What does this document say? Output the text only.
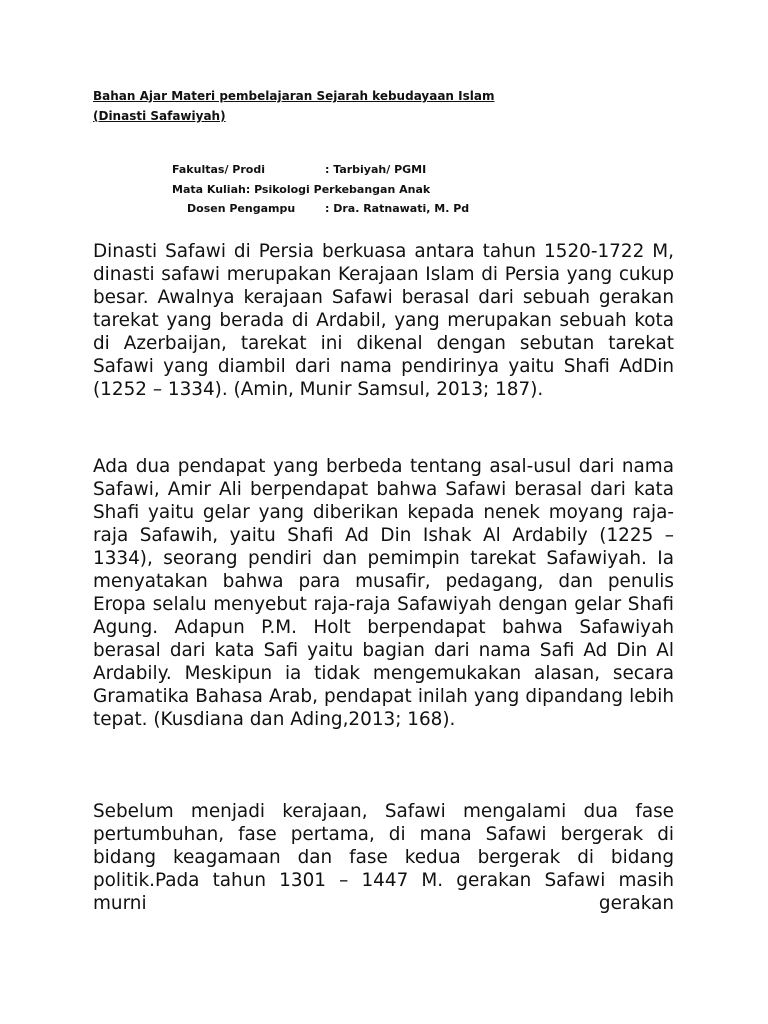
Bahan Ajar Materi pembelajaran Sejarah kebudayaan Islam
(Dinasti Safawiyah)
Fakultas/ Prodi	: Tarbiyah/ PGMI
Mata Kuliah: Psikologi Perkebangan Anak
Dosen Pengampu	: Dra. Ratnawati, M. Pd

Dinasti Safawi di Persia berkuasa antara tahun 1520-1722 M, dinasti safawi merupakan Kerajaan Islam di Persia yang cukup besar. Awalnya kerajaan Safawi berasal dari sebuah gerakan tarekat yang berada di Ardabil, yang merupakan sebuah kota di Azerbaijan, tarekat ini dikenal dengan sebutan tarekat Safawi yang diambil dari nama pendirinya yaitu Shafi AdDin (1252 – 1334). (Amin, Munir Samsul, 2013; 187).

Ada dua pendapat yang berbeda tentang asal-usul dari nama Safawi, Amir Ali berpendapat bahwa Safawi berasal dari kata Shafi yaitu gelar yang diberikan kepada nenek moyang raja-raja Safawih, yaitu Shafi Ad Din Ishak Al Ardabily (1225 – 1334), seorang pendiri dan pemimpin tarekat Safawiyah. Ia menyatakan bahwa para musafir, pedagang, dan penulis Eropa selalu menyebut raja-raja Safawiyah dengan gelar Shafi Agung. Adapun P.M. Holt berpendapat bahwa Safawiyah berasal dari kata Safi yaitu bagian dari nama Safi Ad Din Al Ardabily. Meskipun ia tidak mengemukakan alasan, secara Gramatika Bahasa Arab, pendapat inilah yang dipandang lebih tepat. (Kusdiana dan Ading,2013; 168).

Sebelum menjadi kerajaan, Safawi mengalami dua fase pertumbuhan, fase pertama, di mana Safawi bergerak di bidang keagamaan dan fase kedua bergerak di bidang politik.Pada tahun 1301 – 1447 M. gerakan Safawi masih murni gerakan
